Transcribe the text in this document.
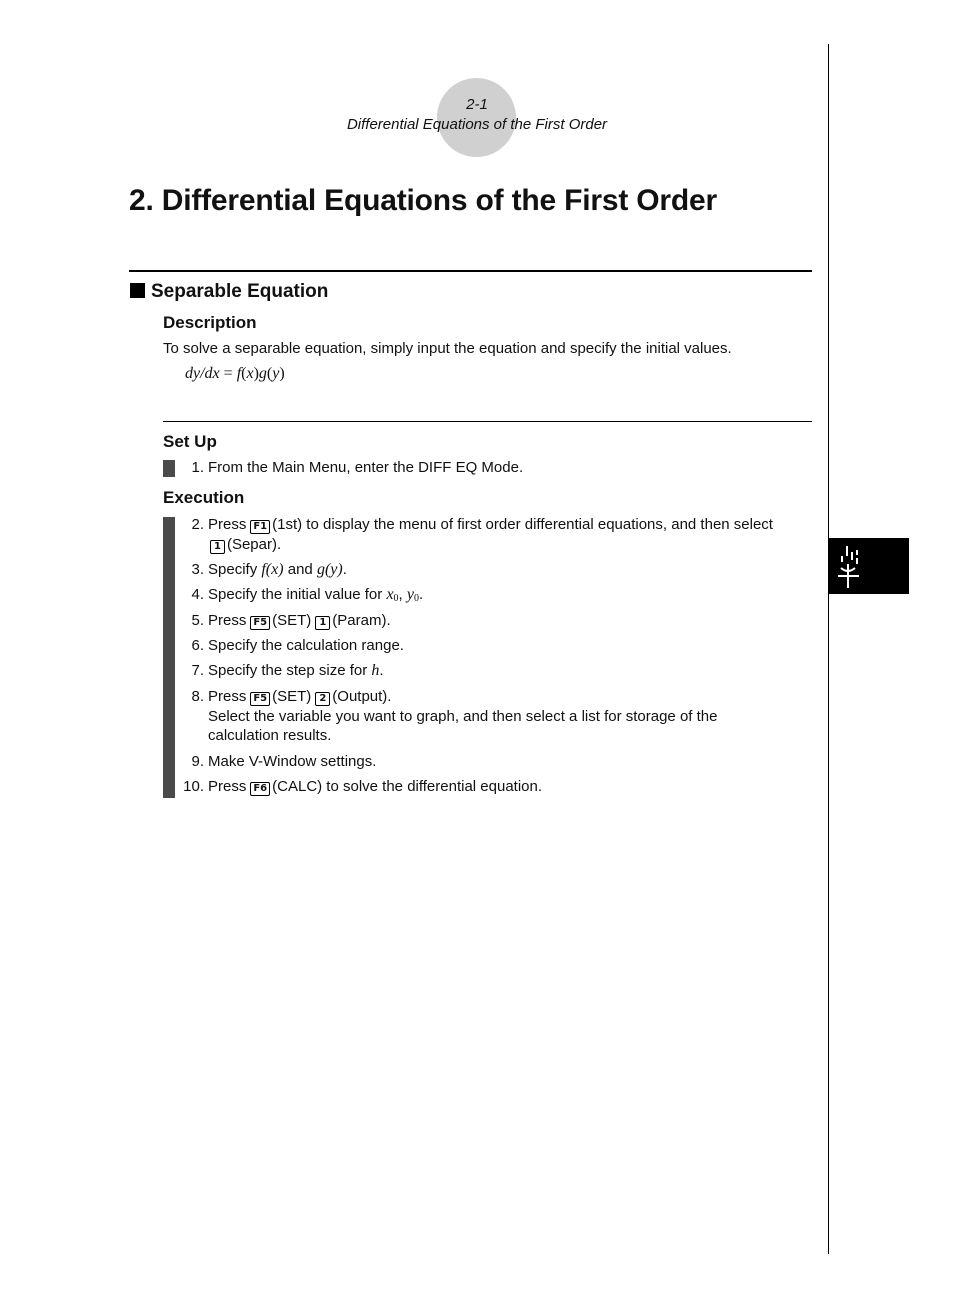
2-1
Differential Equations of the First Order
2. Differential Equations of the First Order
Separable Equation
Description
To solve a separable equation, simply input the equation and specify the initial values.
dy/dx = f(x)g(y)
Set Up
1. From the Main Menu, enter the DIFF EQ Mode.
Execution
2. Press F1 (1st) to display the menu of first order differential equations, and then select
1 (Separ).
3. Specify f(x) and g(y).
4. Specify the initial value for $x_0$, $y_0$.
5. Press F5 (SET) 1 (Param).
6. Specify the calculation range.
7. Specify the step size for h.
8. Press F5 (SET) 2 (Output).
Select the variable you want to graph, and then select a list for storage of the
calculation results.
9. Make V-Window settings.
10. Press F6 (CALC) to solve the differential equation.
